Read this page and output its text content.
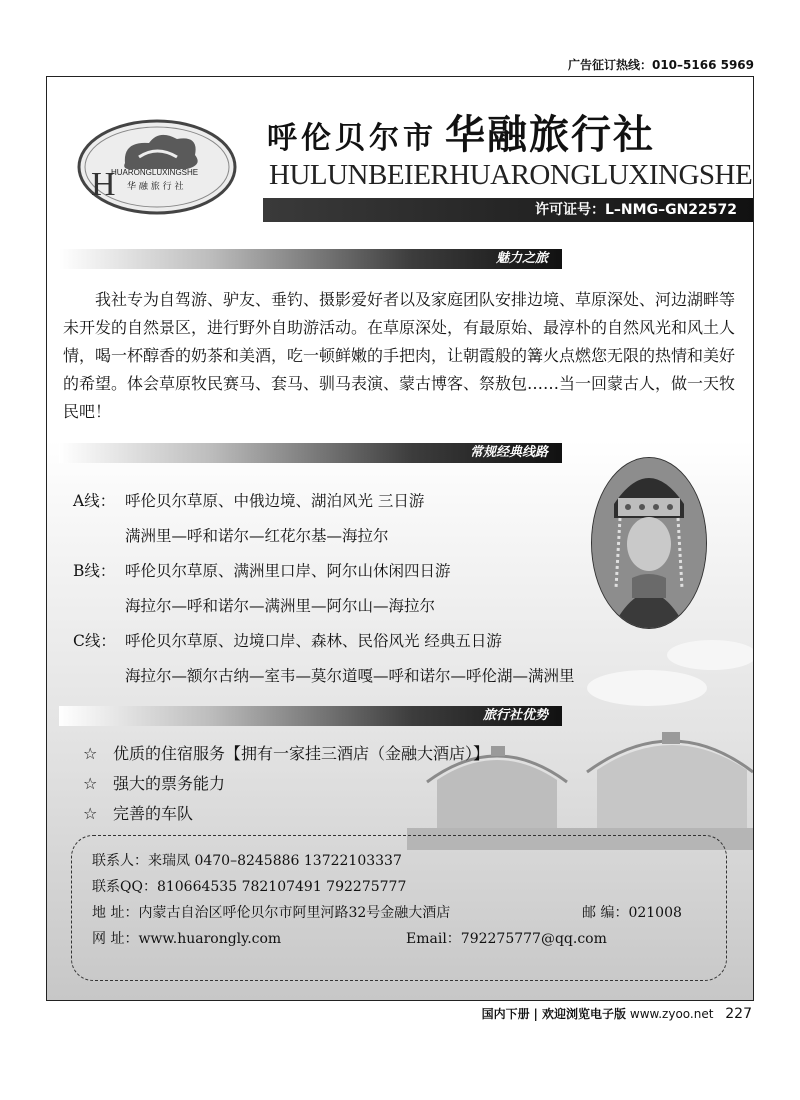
广告征订热线：010–5166 5969
H
HUARONGLUXINGSHE
华 融 旅 行 社
呼伦贝尔市 华融旅行社
HULUNBEIERHUARONGLUXINGSHE
许可证号：L–NMG–GN22572
魅力之旅
我社专为自驾游、驴友、垂钓、摄影爱好者以及家庭团队安排边境、草原深处、河边湖畔等未开发的自然景区，进行野外自助游活动。在草原深处，有最原始、最淳朴的自然风光和风土人情，喝一杯醇香的奶茶和美酒，吃一顿鲜嫩的手把肉，让朝霞般的篝火点燃您无限的热情和美好的希望。体会草原牧民赛马、套马、驯马表演、蒙古博客、祭敖包……当一回蒙古人，做一天牧民吧！
常规经典线路
A线： 呼伦贝尔草原、中俄边境、湖泊风光 三日游
满洲里—呼和诺尔—红花尔基—海拉尔
B线： 呼伦贝尔草原、满洲里口岸、阿尔山休闲四日游
海拉尔—呼和诺尔—满洲里—阿尔山—海拉尔
C线： 呼伦贝尔草原、边境口岸、森林、民俗风光 经典五日游
海拉尔—额尔古纳—室韦—莫尔道嘎—呼和诺尔—呼伦湖—满洲里
旅行社优势
☆ 优质的住宿服务【拥有一家挂三酒店（金融大酒店）】
☆ 强大的票务能力
☆ 完善的车队
联系人：来瑞凤 0470–8245886 13722103337
联系QQ：810664535 782107491 792275777
地 址：内蒙古自治区呼伦贝尔市阿里河路32号金融大酒店	邮 编：021008
网 址：www.huarongly.com	Email：792275777@qq.com
国内下册 | 欢迎浏览电子版 www.zyoo.net 227
